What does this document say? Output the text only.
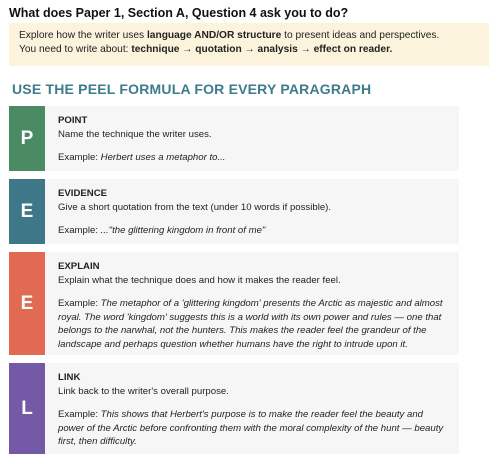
What does Paper 1, Section A, Question 4 ask you to do?
Explore how the writer uses language AND/OR structure to present ideas and perspectives.
You need to write about: technique → quotation → analysis → effect on reader.
USE THE PEEL FORMULA FOR EVERY PARAGRAPH
P
POINT
Name the technique the writer uses.
Example: Herbert uses a metaphor to...
E
EVIDENCE
Give a short quotation from the text (under 10 words if possible).
Example: ..."the glittering kingdom in front of me"
E
EXPLAIN
Explain what the technique does and how it makes the reader feel.
Example: The metaphor of a 'glittering kingdom' presents the Arctic as majestic and almost royal. The word 'kingdom' suggests this is a world with its own power and rules — one that belongs to the narwhal, not the hunters. This makes the reader feel the grandeur of the landscape and perhaps question whether humans have the right to intrude upon it.
L
LINK
Link back to the writer's overall purpose.
Example: This shows that Herbert's purpose is to make the reader feel the beauty and power of the Arctic before confronting them with the moral complexity of the hunt — beauty first, then difficulty.
